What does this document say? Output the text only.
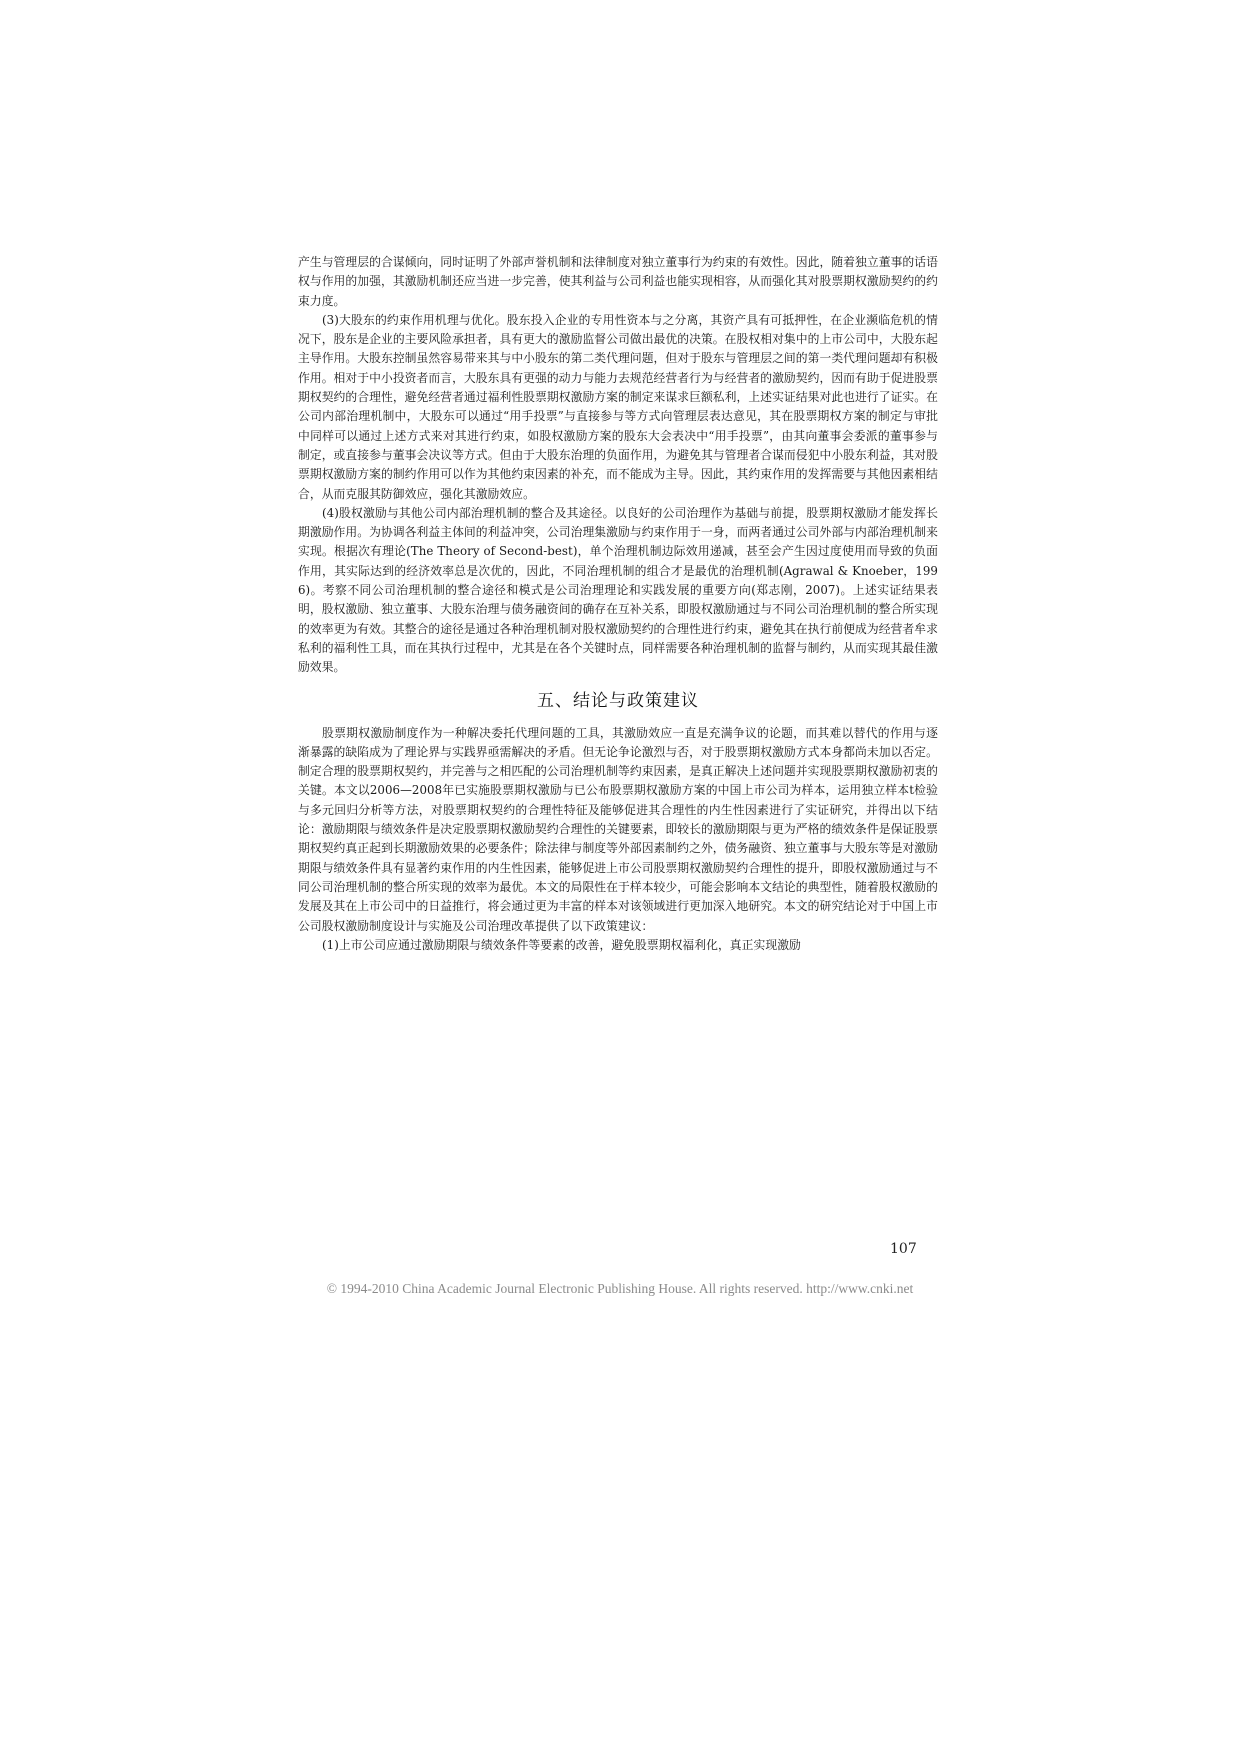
产生与管理层的合谋倾向，同时证明了外部声誉机制和法律制度对独立董事行为约束的有效性。因此，随着独立董事的话语权与作用的加强，其激励机制还应当进一步完善，使其利益与公司利益也能实现相容，从而强化其对股票期权激励契约的约束力度。

(3)大股东的约束作用机理与优化。股东投入企业的专用性资本与之分离，其资产具有可抵押性，在企业濒临危机的情况下，股东是企业的主要风险承担者，具有更大的激励监督公司做出最优的决策。在股权相对集中的上市公司中，大股东起主导作用。大股东控制虽然容易带来其与中小股东的第二类代理问题，但对于股东与管理层之间的第一类代理问题却有积极作用。相对于中小投资者而言，大股东具有更强的动力与能力去规范经营者行为与经营者的激励契约，因而有助于促进股票期权契约的合理性，避免经营者通过福利性股票期权激励方案的制定来谋求巨额私利，上述实证结果对此也进行了证实。在公司内部治理机制中，大股东可以通过“用手投票”与直接参与等方式向管理层表达意见，其在股票期权方案的制定与审批中同样可以通过上述方式来对其进行约束，如股权激励方案的股东大会表决中“用手投票”，由其向董事会委派的董事参与制定，或直接参与董事会决议等方式。但由于大股东治理的负面作用，为避免其与管理者合谋而侵犯中小股东利益，其对股票期权激励方案的制约作用可以作为其他约束因素的补充，而不能成为主导。因此，其约束作用的发挥需要与其他因素相结合，从而克服其防御效应，强化其激励效应。

(4)股权激励与其他公司内部治理机制的整合及其途径。以良好的公司治理作为基础与前提，股票期权激励才能发挥长期激励作用。为协调各利益主体间的利益冲突，公司治理集激励与约束作用于一身，而两者通过公司外部与内部治理机制来实现。根据次有理论(The Theory of Second-best)，单个治理机制边际效用递减，甚至会产生因过度使用而导致的负面作用，其实际达到的经济效率总是次优的，因此，不同治理机制的组合才是最优的治理机制(Agrawal & Knoeber，1996)。考察不同公司治理机制的整合途径和模式是公司治理理论和实践发展的重要方向(郑志刚，2007)。上述实证结果表明，股权激励、独立董事、大股东治理与债务融资间的确存在互补关系，即股权激励通过与不同公司治理机制的整合所实现的效率更为有效。其整合的途径是通过各种治理机制对股权激励契约的合理性进行约束，避免其在执行前便成为经营者牟求私利的福利性工具，而在其执行过程中，尤其是在各个关键时点，同样需要各种治理机制的监督与制约，从而实现其最佳激励效果。

五、结论与政策建议

股票期权激励制度作为一种解决委托代理问题的工具，其激励效应一直是充满争议的论题，而其难以替代的作用与逐渐暴露的缺陷成为了理论界与实践界亟需解决的矛盾。但无论争论激烈与否，对于股票期权激励方式本身都尚未加以否定。制定合理的股票期权契约，并完善与之相匹配的公司治理机制等约束因素，是真正解决上述问题并实现股票期权激励初衷的关键。本文以2006—2008年已实施股票期权激励与已公布股票期权激励方案的中国上市公司为样本，运用独立样本t检验与多元回归分析等方法，对股票期权契约的合理性特征及能够促进其合理性的内生性因素进行了实证研究，并得出以下结论：激励期限与绩效条件是决定股票期权激励契约合理性的关键要素，即较长的激励期限与更为严格的绩效条件是保证股票期权契约真正起到长期激励效果的必要条件；除法律与制度等外部因素制约之外，债务融资、独立董事与大股东等是对激励期限与绩效条件具有显著约束作用的内生性因素，能够促进上市公司股票期权激励契约合理性的提升，即股权激励通过与不同公司治理机制的整合所实现的效率为最优。本文的局限性在于样本较少，可能会影响本文结论的典型性，随着股权激励的发展及其在上市公司中的日益推行，将会通过更为丰富的样本对该领域进行更加深入地研究。本文的研究结论对于中国上市公司股权激励制度设计与实施及公司治理改革提供了以下政策建议：

(1)上市公司应通过激励期限与绩效条件等要素的改善，避免股票期权福利化，真正实现激励

107
© 1994-2010 China Academic Journal Electronic Publishing House. All rights reserved. http://www.cnki.net
